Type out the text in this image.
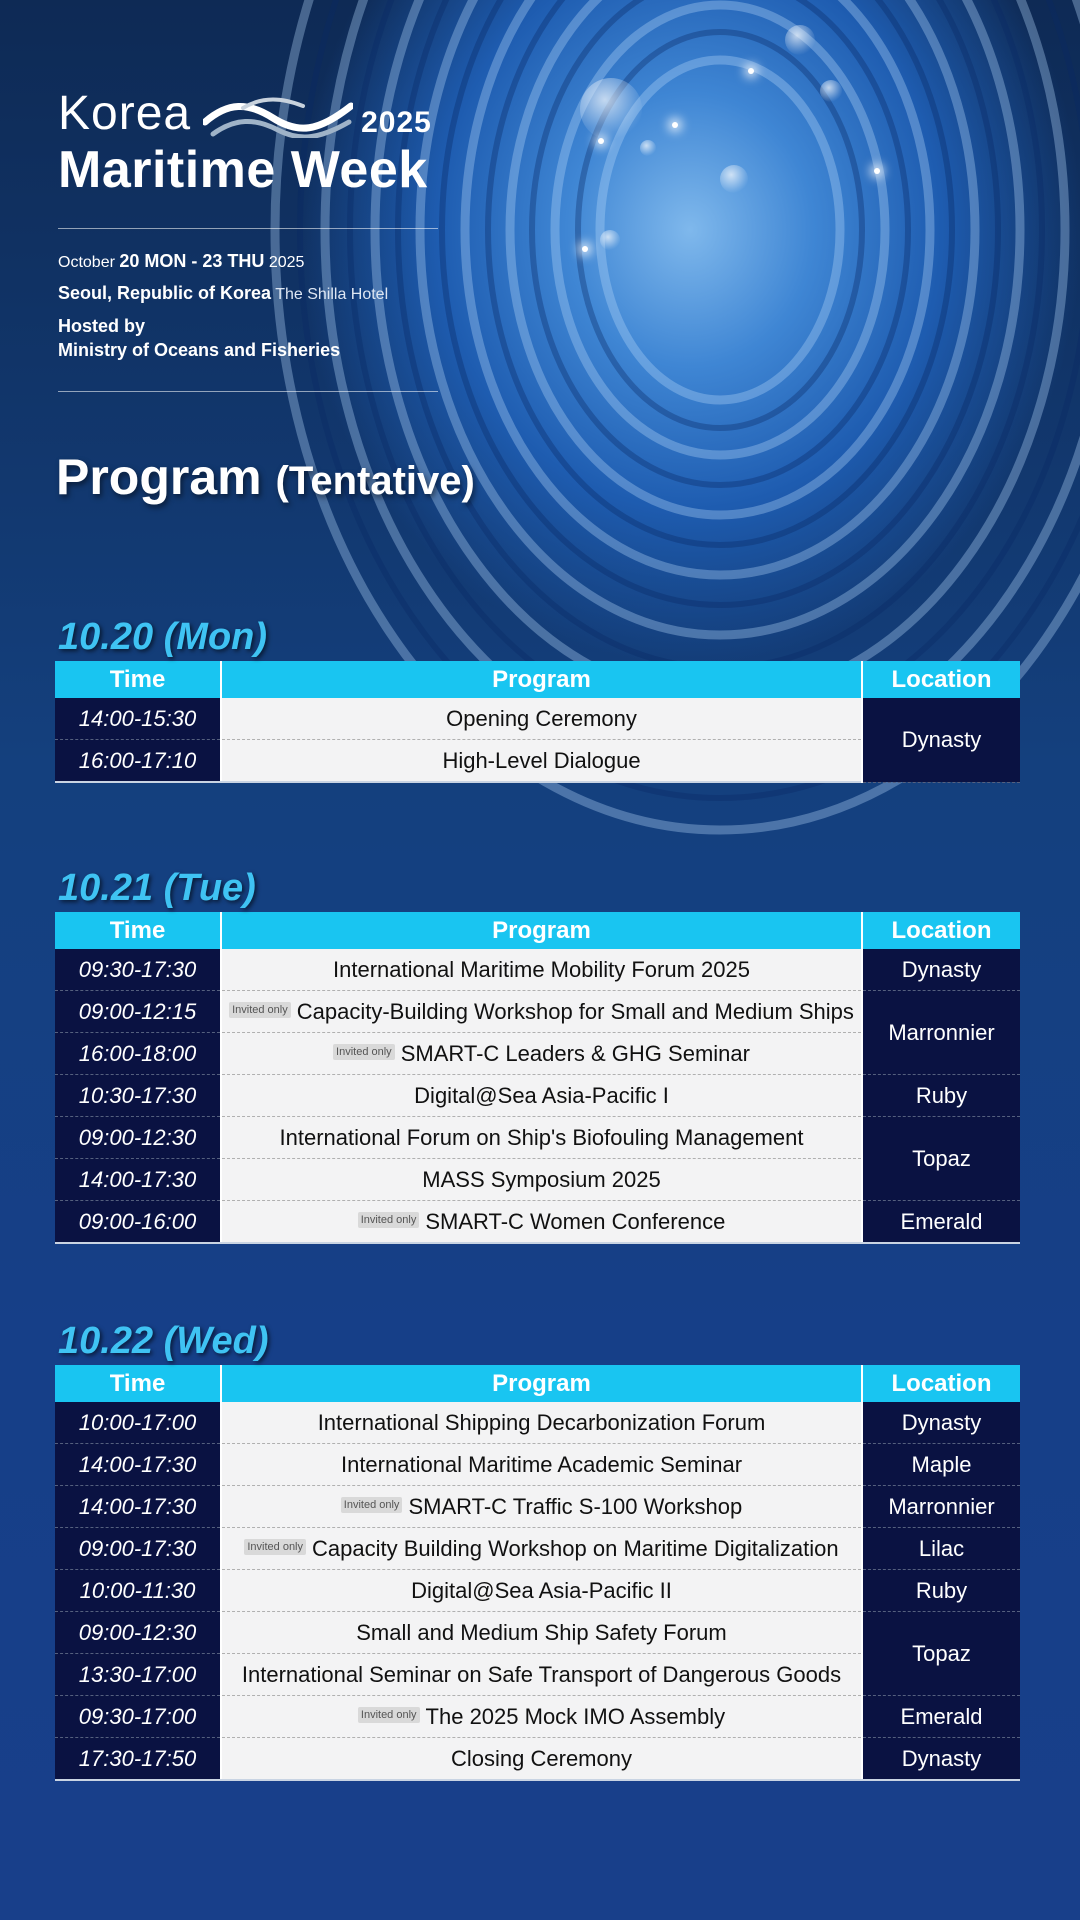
Korea	2025
Maritime Week
October 20 MON - 23 THU 2025
Seoul, Republic of Korea The Shilla Hotel
Hosted by
Ministry of Oceans and Fisheries
Program (Tentative)
10.20 (Mon)
Time	Program	Location
14:00-15:30	Opening Ceremony	Dynasty
16:00-17:10	High-Level Dialogue	
10.21 (Tue)
Time	Program	Location
09:30-17:30	International Maritime Mobility Forum 2025	Dynasty
09:00-12:15	Invited only Capacity-Building Workshop for Small and Medium Ships	Marronnier
16:00-18:00	Invited only SMART-C Leaders & GHG Seminar	
10:30-17:30	Digital@Sea Asia-Pacific I	Ruby
09:00-12:30	International Forum on Ship's Biofouling Management	Topaz
14:00-17:30	MASS Symposium 2025	
09:00-16:00	Invited only SMART-C Women Conference	Emerald
10.22 (Wed)
Time	Program	Location
10:00-17:00	International Shipping Decarbonization Forum	Dynasty
14:00-17:30	International Maritime Academic Seminar	Maple
14:00-17:30	Invited only SMART-C Traffic S-100 Workshop	Marronnier
09:00-17:30	Invited only Capacity Building Workshop on Maritime Digitalization	Lilac
10:00-11:30	Digital@Sea Asia-Pacific II	Ruby
09:00-12:30	Small and Medium Ship Safety Forum	Topaz
13:30-17:00	International Seminar on Safe Transport of Dangerous Goods	
09:30-17:00	Invited only The 2025 Mock IMO Assembly	Emerald
17:30-17:50	Closing Ceremony	Dynasty
